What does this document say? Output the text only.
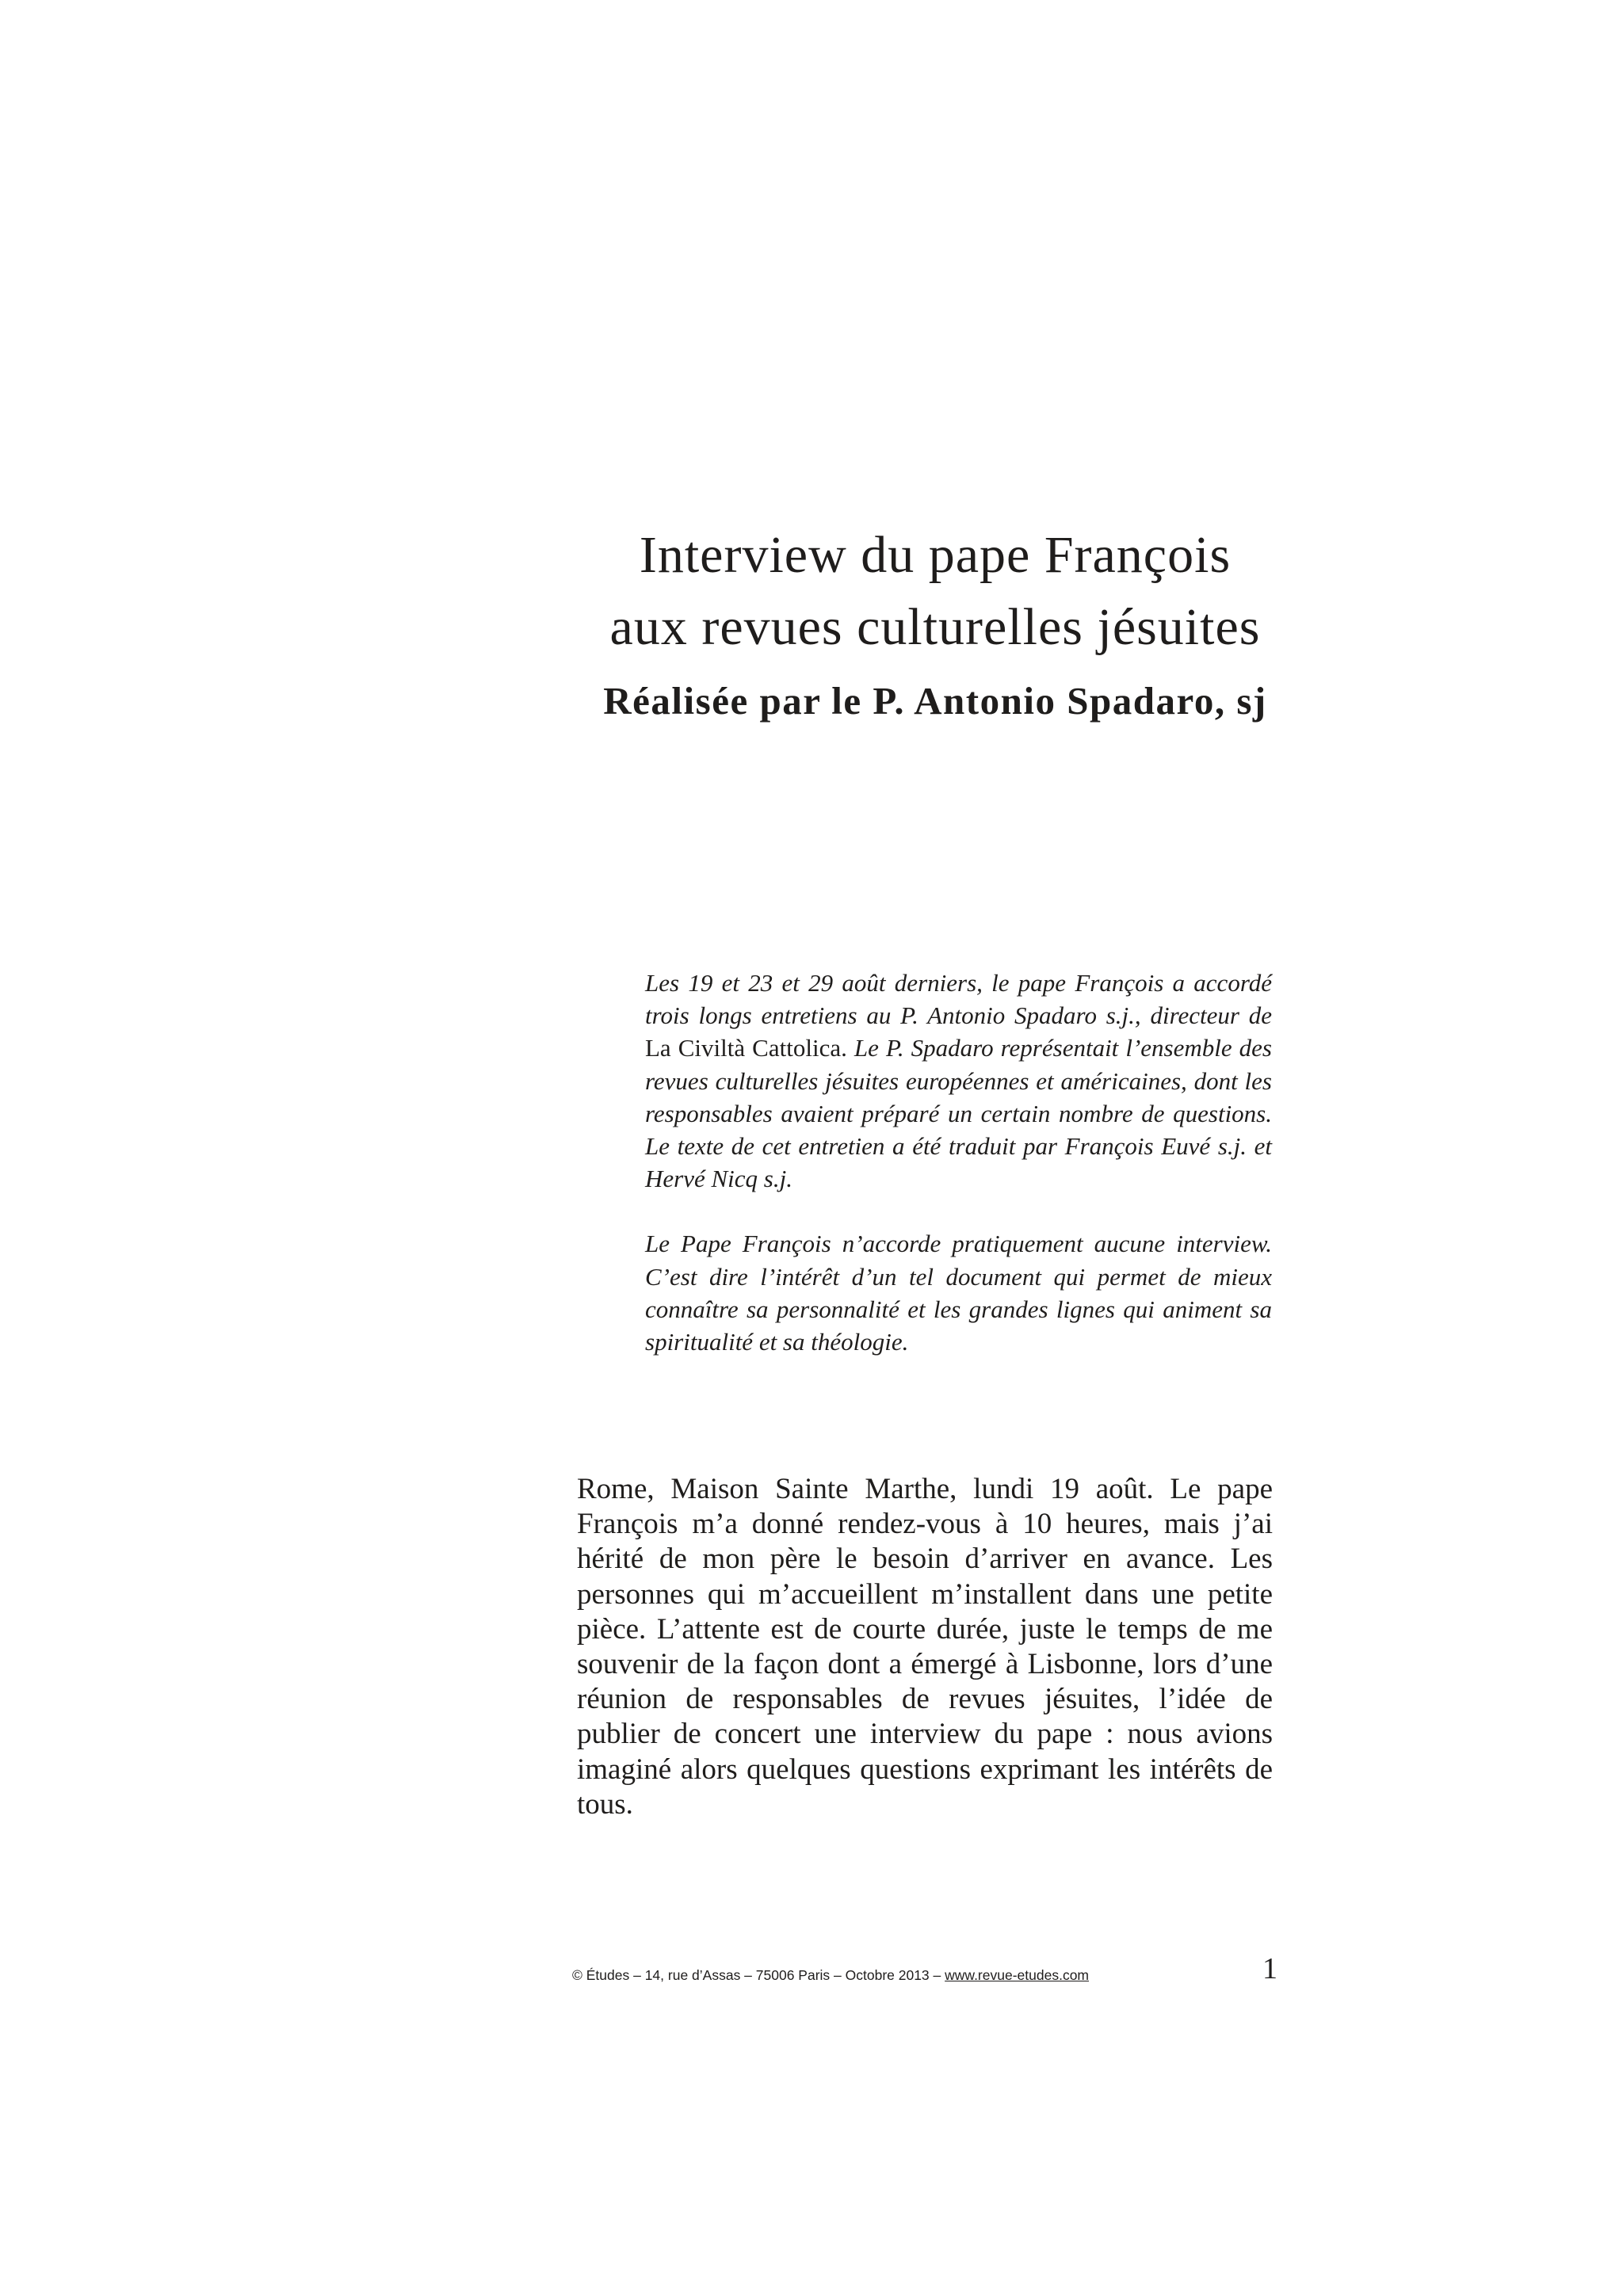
Interview du pape François
aux revues culturelles jésuites
Réalisée par le P. Antonio Spadaro, sj

Les 19 et 23 et 29 août derniers, le pape François a accordé trois longs entretiens au P. Antonio Spadaro s.j., directeur de La Civiltà Cattolica. Le P. Spadaro représentait l’ensemble des revues culturelles jésuites européennes et américaines, dont les responsables avaient préparé un certain nombre de questions. Le texte de cet entretien a été traduit par François Euvé s.j. et Hervé Nicq s.j.

Le Pape François n’accorde pratiquement aucune interview. C’est dire l’intérêt d’un tel document qui permet de mieux connaître sa personnalité et les grandes lignes qui animent sa spiritualité et sa théologie.

Rome, Maison Sainte Marthe, lundi 19 août. Le pape François m’a donné rendez-vous à 10 heures, mais j’ai hérité de mon père le besoin d’arriver en avance. Les personnes qui m’accueillent m’installent dans une petite pièce. L’attente est de courte durée, juste le temps de me souvenir de la façon dont a émergé à Lisbonne, lors d’une réunion de responsables de revues jésuites, l’idée de publier de concert une interview du pape : nous avions imaginé alors quelques questions exprimant les intérêts de tous.

© Études – 14, rue d’Assas – 75006 Paris – Octobre 2013 – www.revue-etudes.com	1
